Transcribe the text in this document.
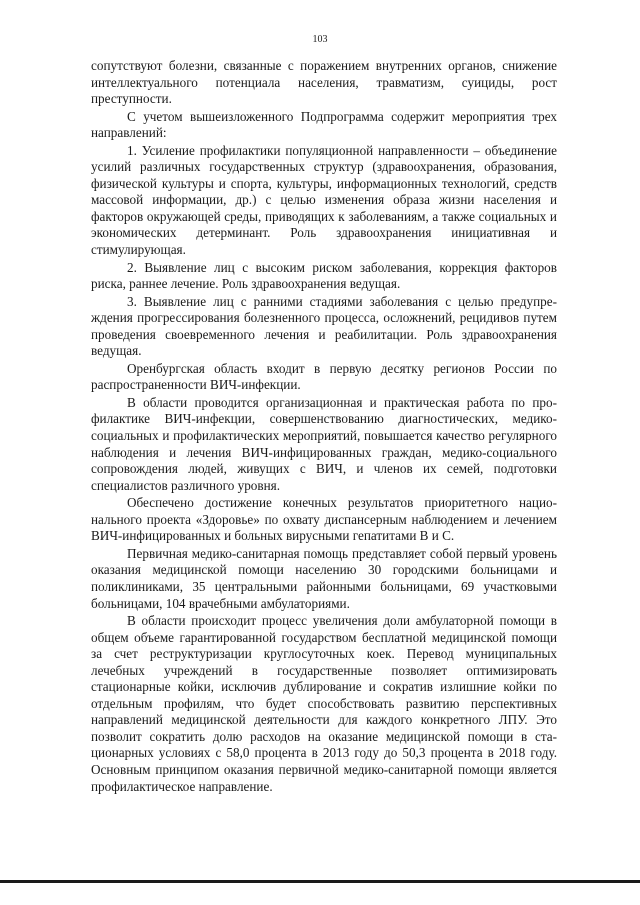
103

сопутствуют болезни, связанные с поражением внутренних органов, снижение интеллектуального потенциала населения, травматизм, суициды, рост преступности.

С учетом вышеизложенного Подпрограмма содержит мероприятия трех направлений:

1. Усиление профилактики популяционной направленности – объединение усилий различных государственных структур (здравоохранения, образования, физической культуры и спорта, культуры, информационных технологий, средств массовой информации, др.) с целью изменения образа жизни населения и факторов окружающей среды, приводящих к заболеваниям, а также социальных и экономических детерминант. Роль здравоохранения инициативная и стимулирующая.

2. Выявление лиц с высоким риском заболевания, коррекция факторов риска, раннее лечение. Роль здравоохранения ведущая.

3. Выявление лиц с ранними стадиями заболевания с целью предупреждения прогрессирования болезненного процесса, осложнений, рецидивов путем проведения своевременного лечения и реабилитации. Роль здравоохранения ведущая.

Оренбургская область входит в первую десятку регионов России по распространенности ВИЧ-инфекции.

В области проводится организационная и практическая работа по профилактике ВИЧ-инфекции, совершенствованию диагностических, медико-социальных и профилактических мероприятий, повышается качество регулярного наблюдения и лечения ВИЧ-инфицированных граждан, медико-социального сопровождения людей, живущих с ВИЧ, и членов их семей, подготовки специалистов различного уровня.

Обеспечено достижение конечных результатов приоритетного национального проекта «Здоровье» по охвату диспансерным наблюдением и лечением ВИЧ-инфицированных и больных вирусными гепатитами В и С.

Первичная медико-санитарная помощь представляет собой первый уровень оказания медицинской помощи населению 30 городскими больницами и поликлиниками, 35 центральными районными больницами, 69 участковыми больницами, 104 врачебными амбулаториями.

В области происходит процесс увеличения доли амбулаторной помощи в общем объеме гарантированной государством бесплатной медицинской помощи за счет реструктуризации круглосуточных коек. Перевод муниципальных лечебных учреждений в государственные позволяет оптимизировать стационарные койки, исключив дублирование и сократив излишние койки по отдельным профилям, что будет способствовать развитию перспективных направлений медицинской деятельности для каждого конкретного ЛПУ. Это позволит сократить долю расходов на оказание медицинской помощи в стационарных условиях с 58,0 процента в 2013 году до 50,3 процента в 2018 году. Основным принципом оказания первичной медико-санитарной помощи является профилактическое направление.
